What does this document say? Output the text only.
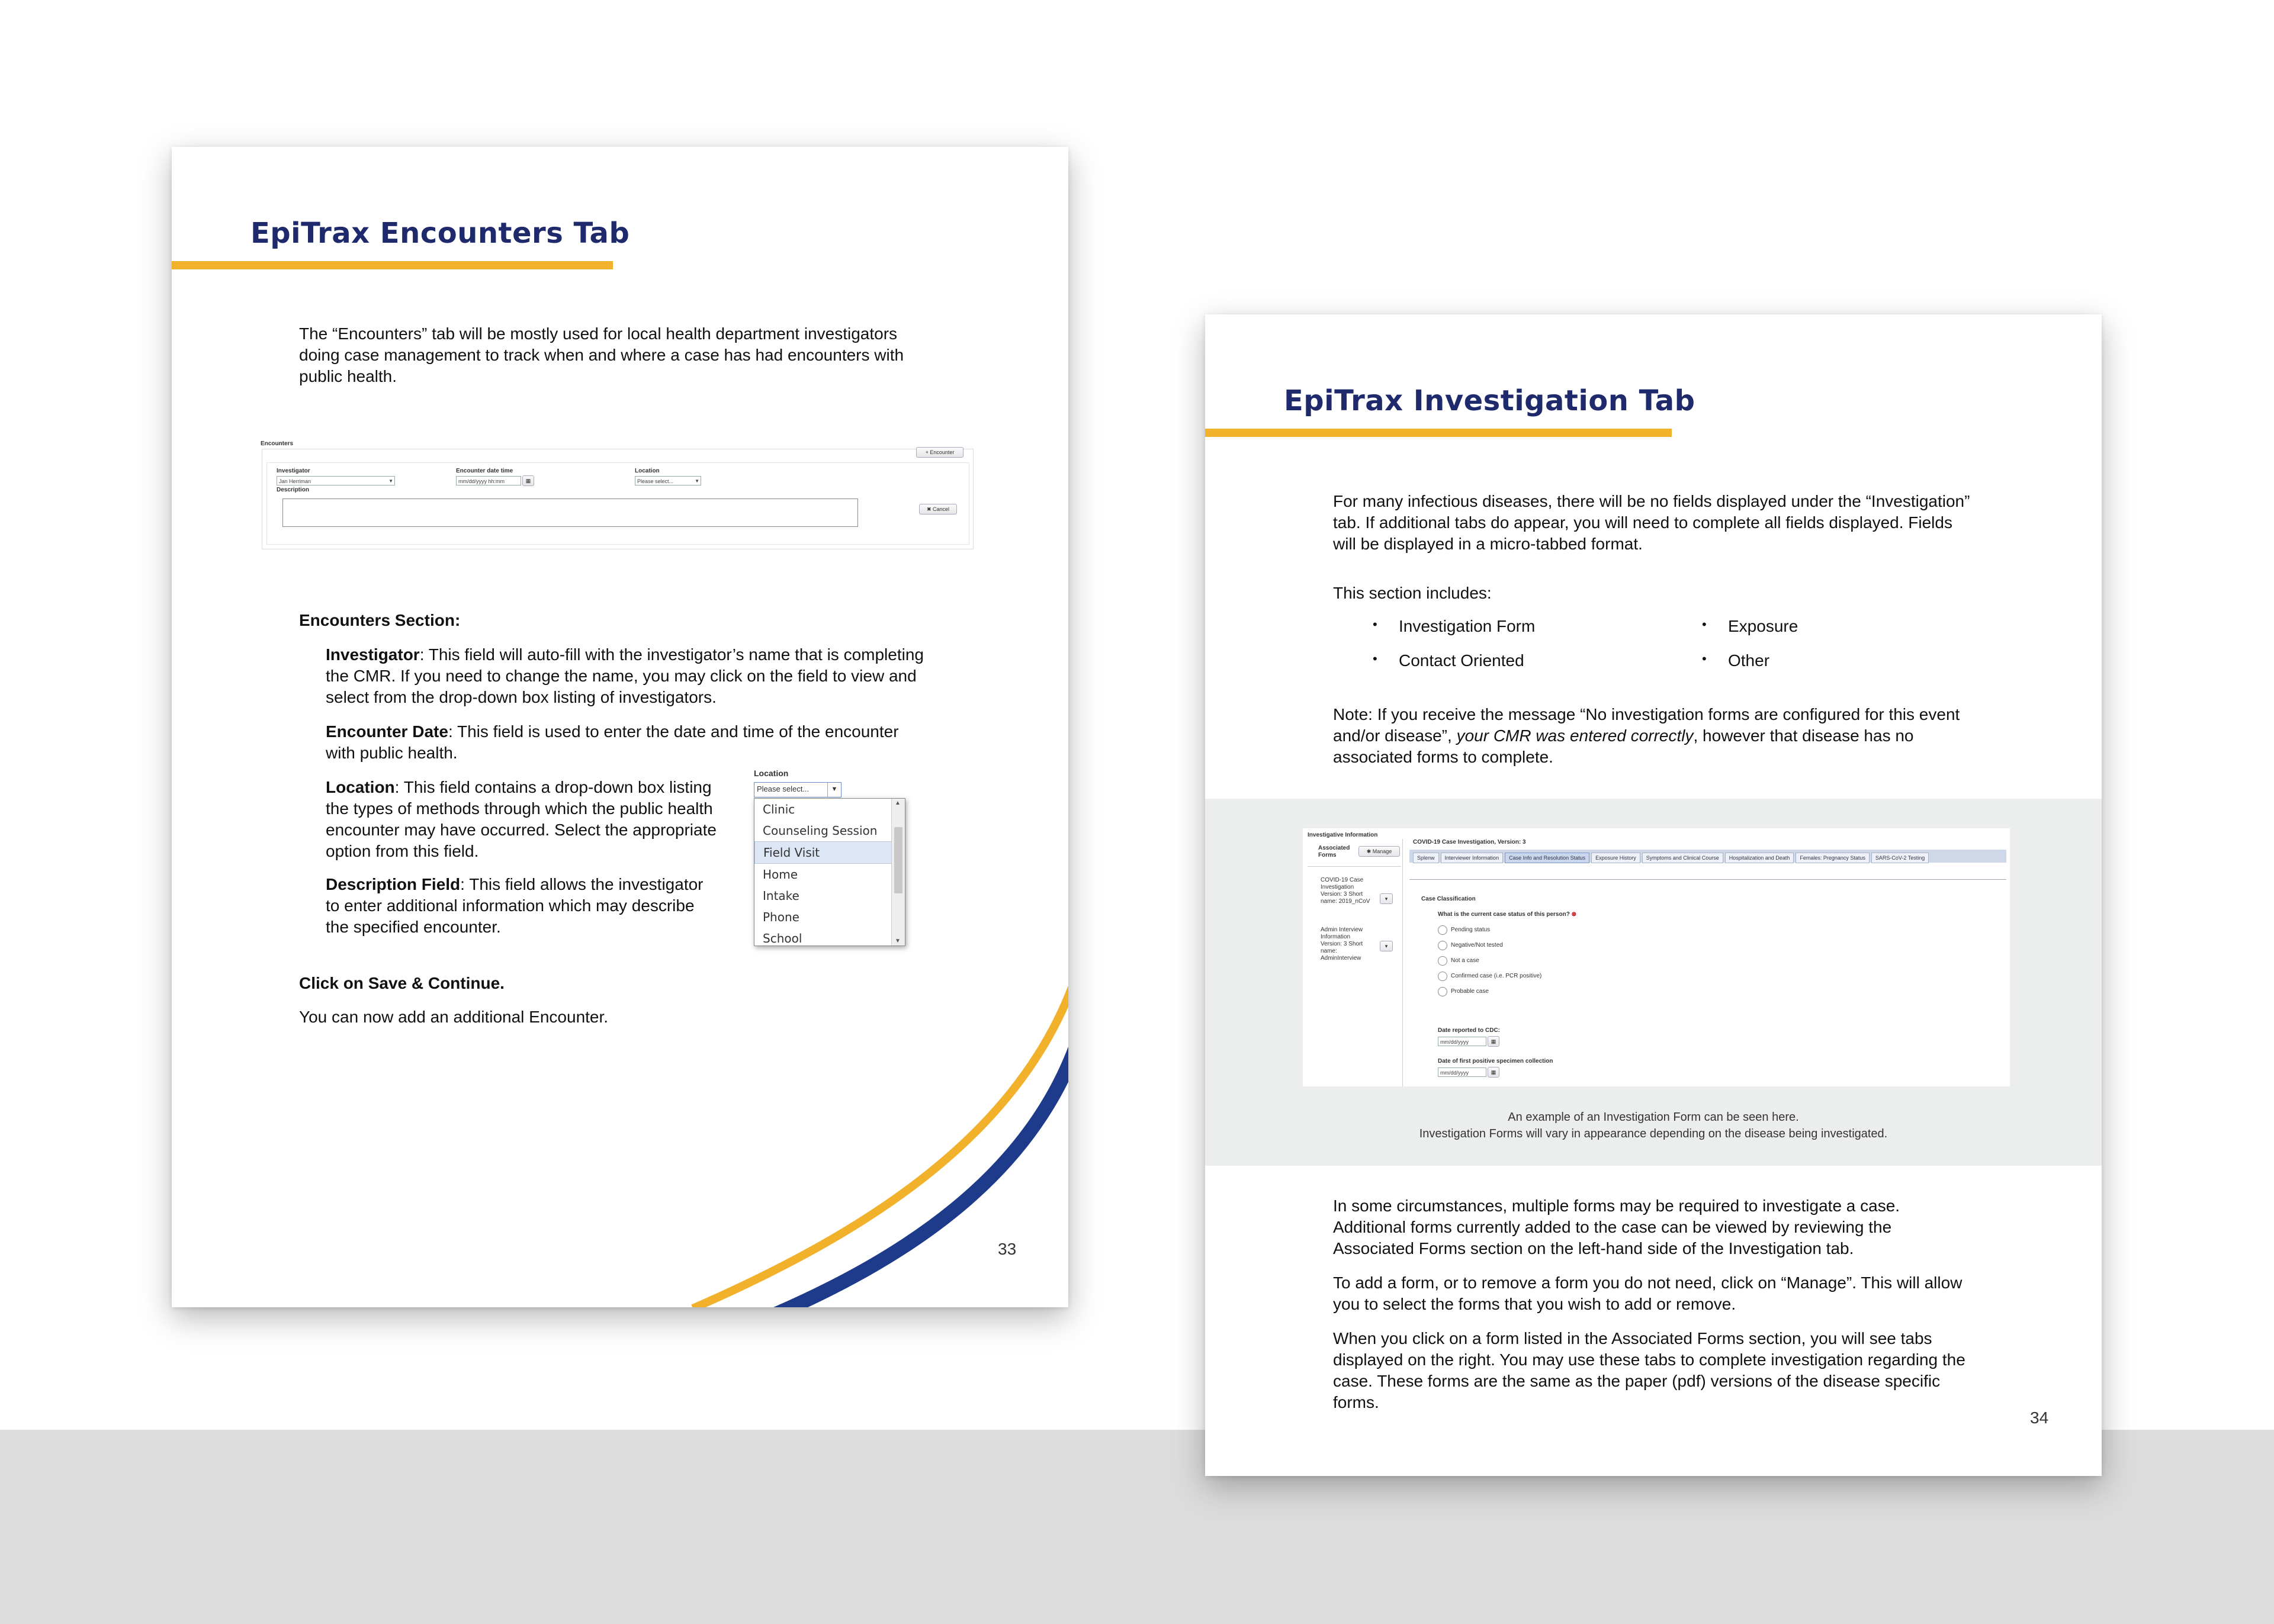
EpiTrax Encounters Tab

The “Encounters” tab will be mostly used for local health department investigators doing case management to track when and where a case has had encounters with public health.

Encounters
+ Encounter
Investigator
Jan Herriman	▼
Encounter date time
mm/dd/yyyy hh:mm	▦
Location
Please select...	▼
Description
✖ Cancel

Encounters Section:

Investigator: This field will auto-fill with the investigator’s name that is completing the CMR. If you need to change the name, you may click on the field to view and select from the drop-down box listing of investigators.

Encounter Date: This field is used to enter the date and time of the encounter with public health.

Location: This field contains a drop-down box listing the types of methods through which the public health encounter may have occurred. Select the appropriate option from this field.

Description Field: This field allows the investigator to enter additional information which may describe the specified encounter.

Location
Please select...	▼
Clinic
Counseling Session
Field Visit
Home
Intake
Phone
School
▲
▼

Click on Save & Continue.

You can now add an additional Encounter.

33
EpiTrax Investigation Tab

For many infectious diseases, there will be no fields displayed under the “Investigation” tab. If additional tabs do appear, you will need to complete all fields displayed. Fields will be displayed in a micro-tabbed format.

This section includes:

• Investigation Form
• Contact Oriented
• Exposure
• Other

Note: If you receive the message “No investigation forms are configured for this event and/or disease”, your CMR was entered correctly, however that disease has no associated forms to complete.

Investigative Information
Associated Forms
✱ Manage
COVID-19 Case Investigation Version: 3 Short name: 2019_nCoV	▾
Admin Interview Information Version: 3 Short name: AdminInterview
▾
COVID-19 Case Investigation, Version: 3
Splenw Interviewer Information Case Info and Resolution Status Exposure History Symptoms and Clinical Course Hospitalization and Death Females: Pregnancy Status SARS-CoV-2 Testing
Case Classification
What is the current case status of this person? ⊗
Pending status
Negative/Not tested
Not a case
Confirmed case (i.e. PCR positive)
Probable case
Date reported to CDC:
mm/dd/yyyy	▦
Date of first positive specimen collection
mm/dd/yyyy	▦
An example of an Investigation Form can be seen here.
Investigation Forms will vary in appearance depending on the disease being investigated.

In some circumstances, multiple forms may be required to investigate a case. Additional forms currently added to the case can be viewed by reviewing the Associated Forms section on the left-hand side of the Investigation tab.

To add a form, or to remove a form you do not need, click on “Manage”. This will allow you to select the forms that you wish to add or remove.

When you click on a form listed in the Associated Forms section, you will see tabs displayed on the right. You may use these tabs to complete investigation regarding the case. These forms are the same as the paper (pdf) versions of the disease specific forms.

34
